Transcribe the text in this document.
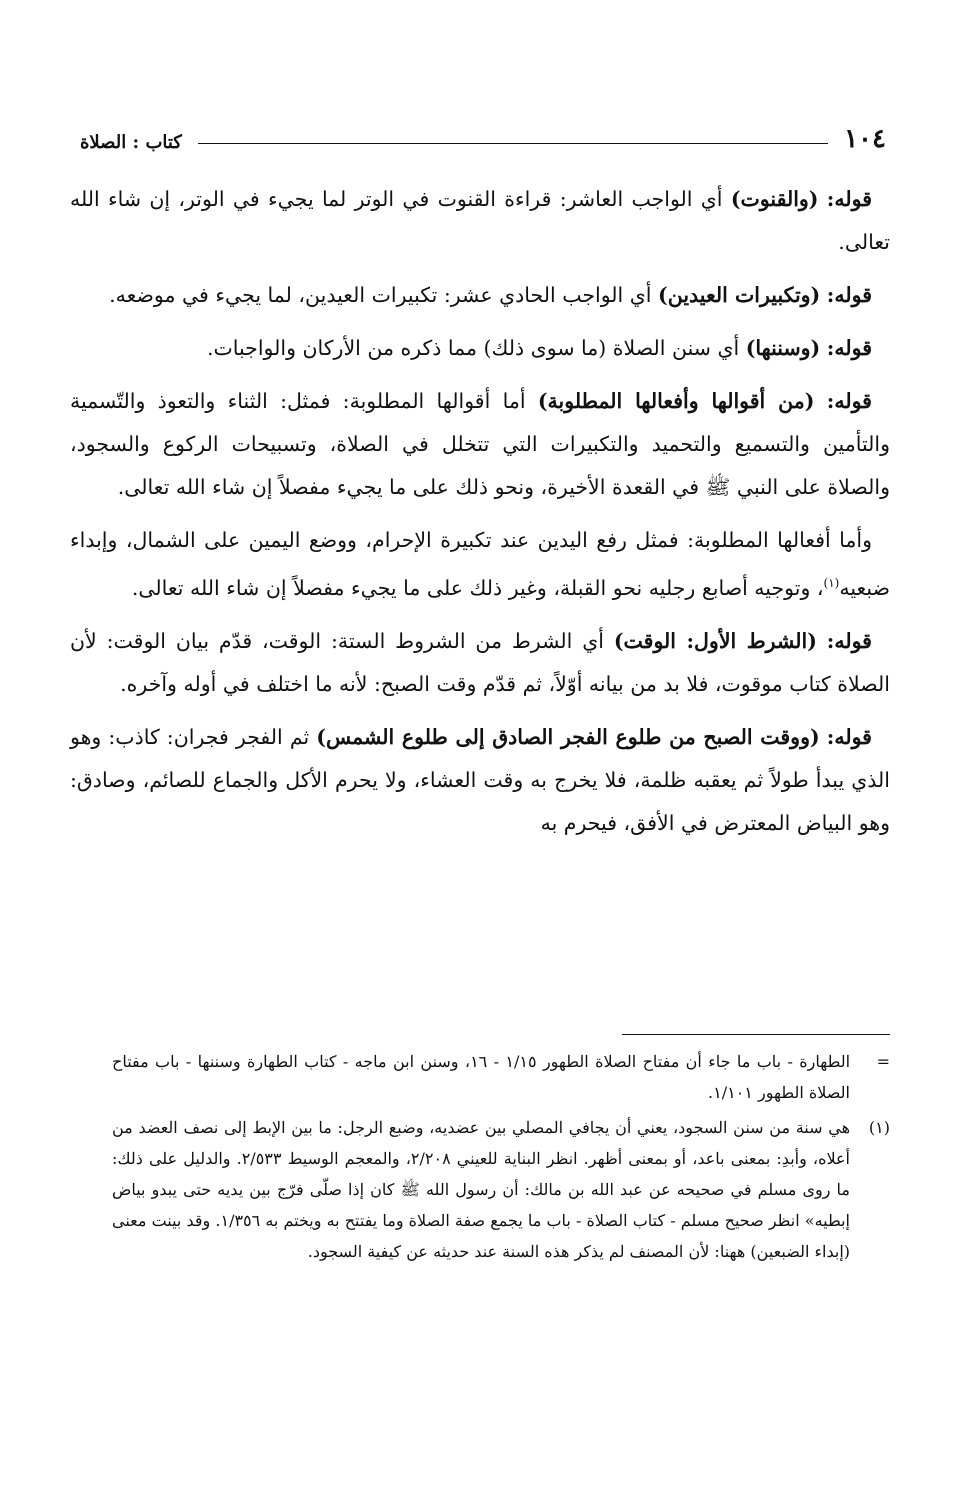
١٠٤
كتاب : الصلاة

قوله: (والقنوت) أي الواجب العاشر: قراءة القنوت في الوتر لما يجيء في الوتر، إن شاء الله تعالى.

قوله: (وتكبيرات العيدين) أي الواجب الحادي عشر: تكبيرات العيدين، لما يجيء في موضعه.

قوله: (وسننها) أي سنن الصلاة (ما سوى ذلك) مما ذكره من الأركان والواجبات.

قوله: (من أقوالها وأفعالها المطلوبة) أما أقوالها المطلوبة: فمثل: الثناء والتعوذ والتّسمية والتأمين والتسميع والتحميد والتكبيرات التي تتخلل في الصلاة، وتسبيحات الركوع والسجود، والصلاة على النبي ﷺ في القعدة الأخيرة، ونحو ذلك على ما يجيء مفصلاً إن شاء الله تعالى.

وأما أفعالها المطلوبة: فمثل رفع اليدين عند تكبيرة الإحرام، ووضع اليمين على الشمال، وإبداء ضبعيه$^{(١)}$، وتوجيه أصابع رجليه نحو القبلة، وغير ذلك على ما يجيء مفصلاً إن شاء الله تعالى.

قوله: (الشرط الأول: الوقت) أي الشرط من الشروط الستة: الوقت، قدّم بيان الوقت: لأن الصلاة كتاب موقوت، فلا بد من بيانه أوّلاً، ثم قدّم وقت الصبح: لأنه ما اختلف في أوله وآخره.

قوله: (ووقت الصبح من طلوع الفجر الصادق إلى طلوع الشمس) ثم الفجر فجران: كاذب: وهو الذي يبدأ طولاً ثم يعقبه ظلمة، فلا يخرج به وقت العشاء، ولا يحرم الأكل والجماع للصائم، وصادق: وهو البياض المعترض في الأفق، فيحرم به

=
الطهارة - باب ما جاء أن مفتاح الصلاة الطهور ١/١٥ - ١٦، وسنن ابن ماجه - كتاب الطهارة وسننها - باب مفتاح الصلاة الطهور ١/١٠١.
(١)
هي سنة من سنن السجود، يعني أن يجافي المصلي بين عضديه، وضبع الرجل: ما بين الإبط إلى نصف العضد من أعلاه، وأبدِ: بمعنى باعد، أو بمعنى أظهر. انظر البناية للعيني ٢/٢٠٨، والمعجم الوسيط ٢/٥٣٣. والدليل على ذلك: ما روى مسلم في صحيحه عن عبد الله بن مالك: أن رسول الله ﷺ كان إذا صلّى فرّج بين يديه حتى يبدو بياض إبطيه» انظر صحيح مسلم - كتاب الصلاة - باب ما يجمع صفة الصلاة وما يفتتح به ويختم به ١/٣٥٦. وقد بينت معنى (إبداء الضبعين) ههنا: لأن المصنف لم يذكر هذه السنة عند حديثه عن كيفية السجود.
